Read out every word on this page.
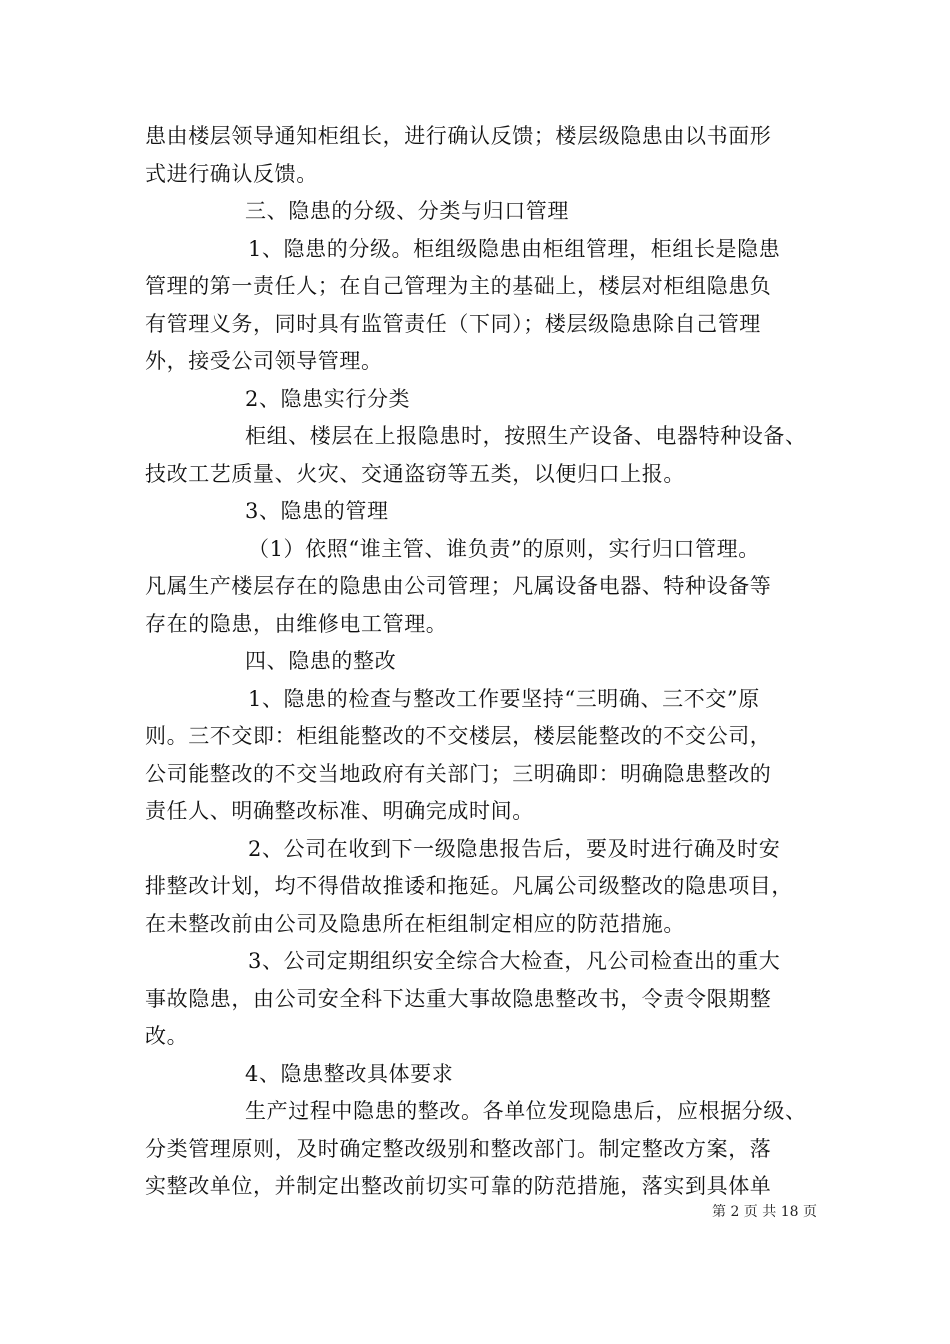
患由楼层领导通知柜组长，进行确认反馈；楼层级隐患由以书面形
式进行确认反馈。
三、隐患的分级、分类与归口管理
1、隐患的分级。柜组级隐患由柜组管理，柜组长是隐患
管理的第一责任人；在自己管理为主的基础上，楼层对柜组隐患负
有管理义务，同时具有监管责任（下同）；楼层级隐患除自己管理
外，接受公司领导管理。
2、隐患实行分类
柜组、楼层在上报隐患时，按照生产设备、电器特种设备、
技改工艺质量、火灾、交通盗窃等五类，以便归口上报。
3、隐患的管理
（1）依照“谁主管、谁负责”的原则，实行归口管理。
凡属生产楼层存在的隐患由公司管理；凡属设备电器、特种设备等
存在的隐患，由维修电工管理。
四、隐患的整改
1、隐患的检查与整改工作要坚持“三明确、三不交”原
则。三不交即：柜组能整改的不交楼层，楼层能整改的不交公司，
公司能整改的不交当地政府有关部门；三明确即：明确隐患整改的
责任人、明确整改标准、明确完成时间。
2、公司在收到下一级隐患报告后，要及时进行确及时安
排整改计划，均不得借故推诿和拖延。凡属公司级整改的隐患项目，
在未整改前由公司及隐患所在柜组制定相应的防范措施。
3、公司定期组织安全综合大检查，凡公司检查出的重大
事故隐患，由公司安全科下达重大事故隐患整改书，令责令限期整
改。
4、隐患整改具体要求
生产过程中隐患的整改。各单位发现隐患后，应根据分级、
分类管理原则，及时确定整改级别和整改部门。制定整改方案，落
实整改单位，并制定出整改前切实可靠的防范措施，落实到具体单
第 2 页 共 18 页
